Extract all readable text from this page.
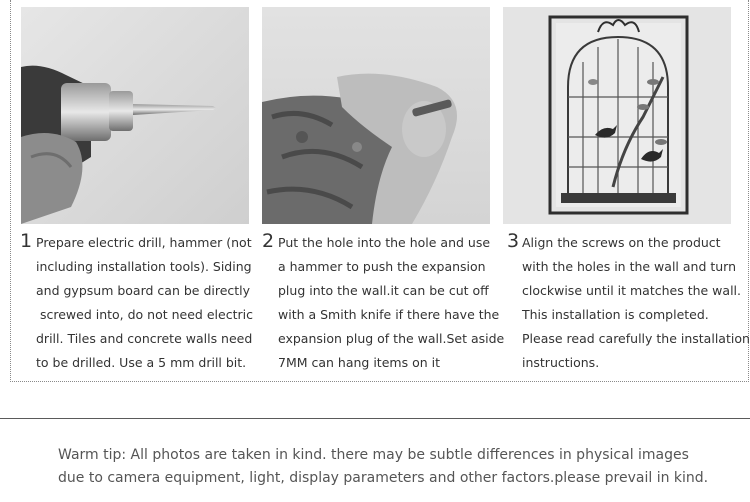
1 Prepare electric drill, hammer (not
including installation tools). Siding
and gypsum board can be directly
screwed into, do not need electric
drill. Tiles and concrete walls need
to be drilled. Use a 5 mm drill bit.
2 Put the hole into the hole and use
a hammer to push the expansion
plug into the wall.it can be cut off
with a Smith knife if there have the
expansion plug of the wall.Set aside
7MM can hang items on it
3 Align the screws on the product
with the holes in the wall and turn
clockwise until it matches the wall.
This installation is completed.
Please read carefully the installation
instructions.
Warm tip: All photos are taken in kind. there may be subtle differences in physical images
due to camera equipment, light, display parameters and other factors.please prevail in kind.
